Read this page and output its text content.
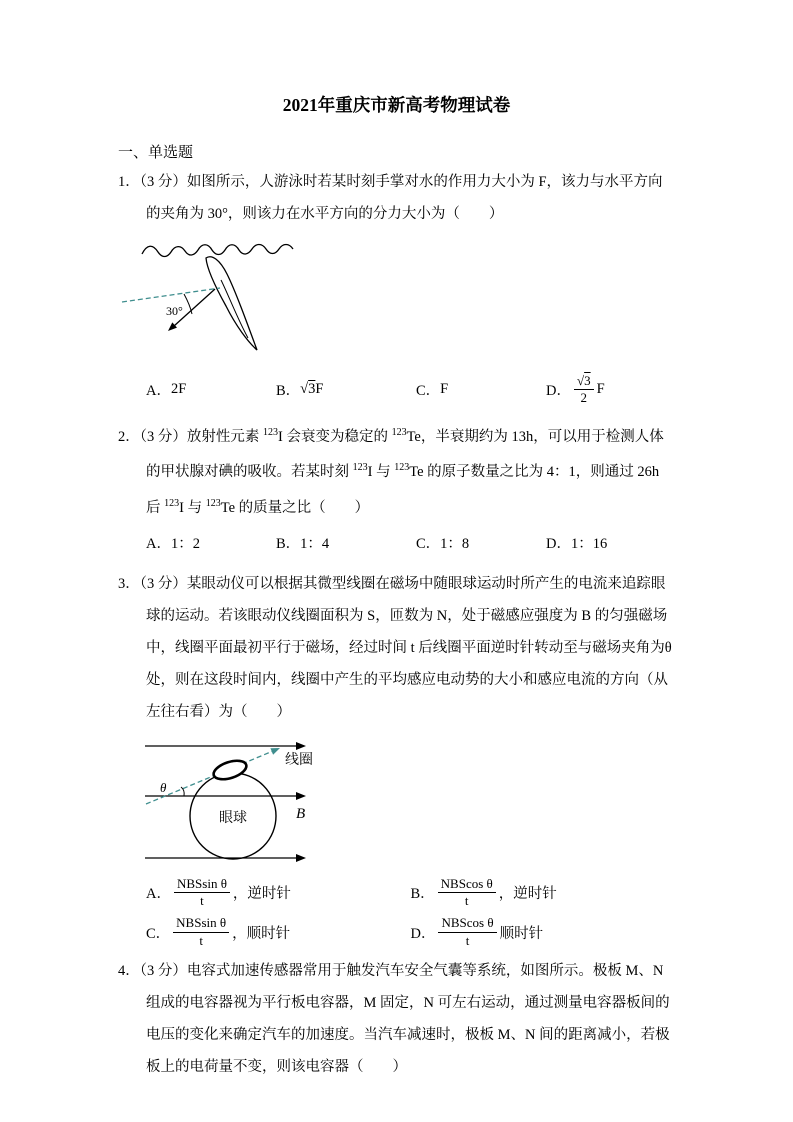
2021年重庆市新高考物理试卷
一、单选题

1．（3 分）如图所示，人游泳时若某时刻手掌对水的作用力大小为 F，该力与水平方向的夹角为 30°，则该力在水平方向的分力大小为（　　）

30°
A． 2F	B． √3 F	C． F	D． $\frac{√3}{2}$ F

2．（3 分）放射性元素 $^{123}$I 会衰变为稳定的 $^{123}$Te，半衰期约为 13h，可以用于检测人体的甲状腺对碘的吸收。若某时刻 $^{123}$I 与 $^{123}$Te 的原子数量之比为 4：1，则通过 26h 后 $^{123}$I 与 $^{123}$Te 的质量之比（　　）

A． 1：2	B． 1：4	C． 1：8	D． 1：16

3．（3 分）某眼动仪可以根据其微型线圈在磁场中随眼球运动时所产生的电流来追踪眼球的运动。若该眼动仪线圈面积为 S，匝数为 N，处于磁感应强度为 B 的匀强磁场中，线圈平面最初平行于磁场，经过时间 t 后线圈平面逆时针转动至与磁场夹角为θ处，则在这段时间内，线圈中产生的平均感应电动势的大小和感应电流的方向（从左往右看）为（　　）

θ
眼球	B
线圈
A． $\frac{\text{NBSsin θ}}{t}$ ，逆时针	B． $\frac{\text{NBScos θ}}{t}$ ，逆时针
C． $\frac{\text{NBSsin θ}}{t}$ ，顺时针	D． $\frac{\text{NBScos θ}}{t}$ 顺时针

4．（3 分）电容式加速传感器常用于触发汽车安全气囊等系统，如图所示。极板 M、N 组成的电容器视为平行板电容器，M 固定，N 可左右运动，通过测量电容器板间的电压的变化来确定汽车的加速度。当汽车减速时，极板 M、N 间的距离减小，若极板上的电荷量不变，则该电容器（　　）
